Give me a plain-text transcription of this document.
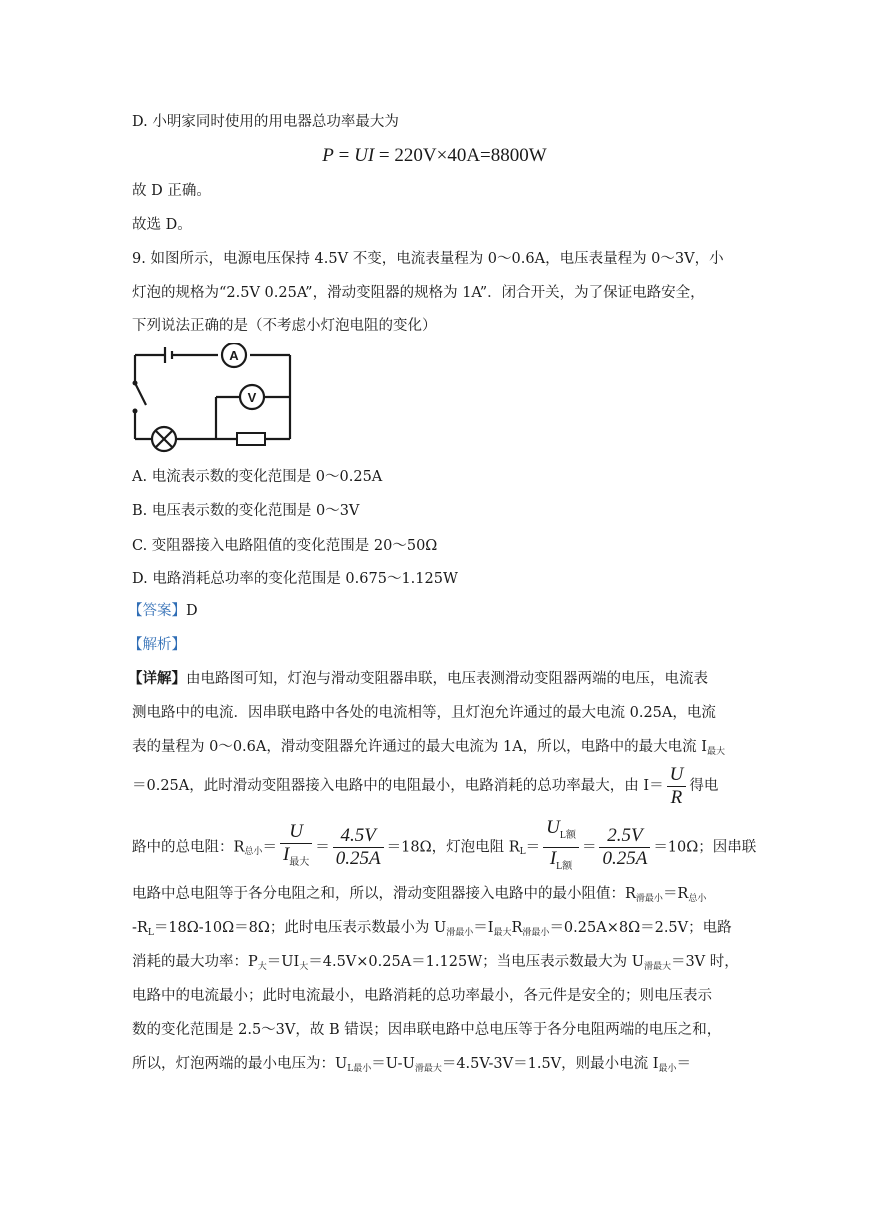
D. 小明家同时使用的用电器总功率最大为
P = UI = 220V×40A=8800W
故 D 正确。
故选 D。
9. 如图所示，电源电压保持 4.5V 不变，电流表量程为 0～0.6A，电压表量程为 0～3V，小
灯泡的规格为“2.5V 0.25A”，滑动变阻器的规格为 1A”．闭合开关，为了保证电路安全，
下列说法正确的是（不考虑小灯泡电阻的变化）
A
V
A. 电流表示数的变化范围是 0～0.25A
B. 电压表示数的变化范围是 0～3V
C. 变阻器接入电路阻值的变化范围是 20～50Ω
D. 电路消耗总功率的变化范围是 0.675～1.125W
【答案】D
【解析】
【详解】由电路图可知，灯泡与滑动变阻器串联，电压表测滑动变阻器两端的电压，电流表
测电路中的电流．因串联电路中各处的电流相等，且灯泡允许通过的最大电流 0.25A，电流
表的量程为 0～0.6A，滑动变阻器允许通过的最大电流为 1A，所以，电路中的最大电流 $I_{最大}$
＝0.25A，此时滑动变阻器接入电路中的电阻最小，电路消耗的总功率最大，由 $I= \frac{U}{R}$ 得电
路中的总电阻：$R_{总小}= \frac{U}{I_{最大}} = \frac{4.5V}{0.25A} =18\Omega$，灯泡电阻 $R_L= \frac{U_{L额}}{I_{L额}} = \frac{2.5V}{0.25A} =10\Omega$；因串联
电路中总电阻等于各分电阻之和，所以，滑动变阻器接入电路中的最小阻值：$R_{滑最小}=R_{总小}$
$-R_L=18\Omega-10\Omega=8\Omega$；此时电压表示数最小为 $U_{滑最小}=I_{最大}R_{滑最小}=0.25A\times 8\Omega=2.5V$；电路
消耗的最大功率：$P_大=UI_大=4.5V\times 0.25A=1.125W$；当电压表示数最大为 $U_{滑最大}=3V$ 时，
电路中的电流最小；此时电流最小，电路消耗的总功率最小，各元件是安全的；则电压表示
数的变化范围是 2.5～3V，故 B 错误；因串联电路中总电压等于各分电阻两端的电压之和，
所以，灯泡两端的最小电压为：$U_{L最小}=U-U_{滑最大}=4.5V-3V=1.5V$，则最小电流 $I_{最小}=$
